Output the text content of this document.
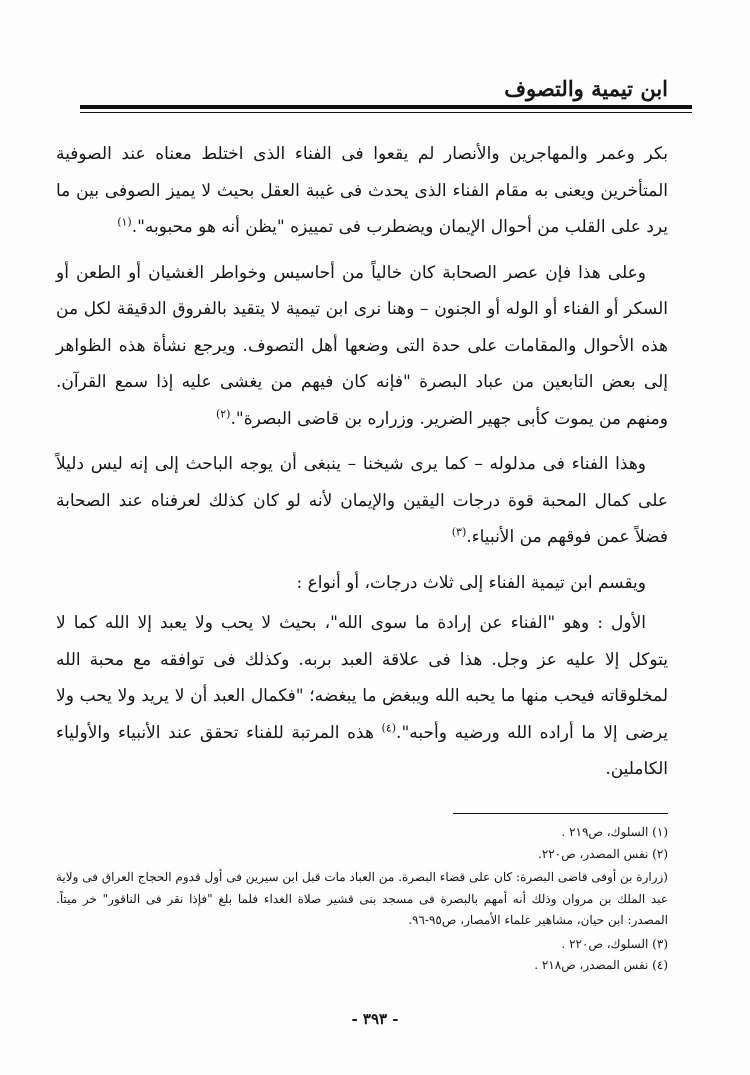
ابن تيمية والتصوف

بكر وعمر والمهاجرين والأنصار لم يقعوا فى الفناء الذى اختلط معناه عند الصوفية المتأخرين ويعنى به مقام الفناء الذى يحدث فى غيبة العقل بحيث لا يميز الصوفى بين ما يرد على القلب من أحوال الإيمان ويضطرب فى تمييزه "يظن أنه هو محبوبه".$^{(١)}$

وعلى هذا فإن عصر الصحابة كان خالياً من أحاسيس وخواطر الغشيان أو الطعن أو السكر أو الفناء أو الوله أو الجنون – وهنا نرى ابن تيمية لا يتقيد بالفروق الدقيقة لكل من هذه الأحوال والمقامات على حدة التى وضعها أهل التصوف. ويرجع نشأة هذه الظواهر إلى بعض التابعين من عباد البصرة "فإنه كان فيهم من يغشى عليه إذا سمع القرآن. ومنهم من يموت كأبى جهير الضرير. وزراره بن قاضى البصرة".$^{(٢)}$

وهذا الفناء فى مدلوله – كما يرى شيخنا – ينبغى أن يوجه الباحث إلى إنه ليس دليلاً على كمال المحبة قوة درجات اليقين والإيمان لأنه لو كان كذلك لعرفناه عند الصحابة فضلاً عمن فوقهم من الأنبياء.$^{(٣)}$

ويقسم ابن تيمية الفناء إلى ثلاث درجات، أو أنواع :

الأول : وهو "الفناء عن إرادة ما سوى الله"، بحيث لا يحب ولا يعبد إلا الله كما لا يتوكل إلا عليه عز وجل. هذا فى علاقة العبد بربه. وكذلك فى توافقه مع محبة الله لمخلوقاته فيحب منها ما يحبه الله ويبغض ما يبغضه؛ "فكمال العبد أن لا يريد ولا يحب ولا يرضى إلا ما أراده الله ورضيه وأحبه".$^{(٤)}$ هذه المرتبة للفناء تحقق عند الأنبياء والأولياء الكاملين.

(١) السلوك، ص٢١٩ .

(٢) نفس المصدر، ص٢٢٠.

(زرارة بن أوفى قاضى البصرة: كان على قضاء البصرة. من العباد مات قبل ابن سيرين فى أول قدوم الحجاج العراق فى ولاية عبد الملك بن مروان وذلك أنه أمهم بالبصرة فى مسجد بنى قشير صلاة الغداء فلما بلغ "فإذا نقر فى الناقور" خر ميتاً. المصدر: ابن حيان، مشاهير علماء الأمصار، ص٩٥-٩٦.

(٣) السلوك، ص٢٢٠ .

(٤) نفس المصدر، ص٢١٨ .

- ٣٩٣ -
